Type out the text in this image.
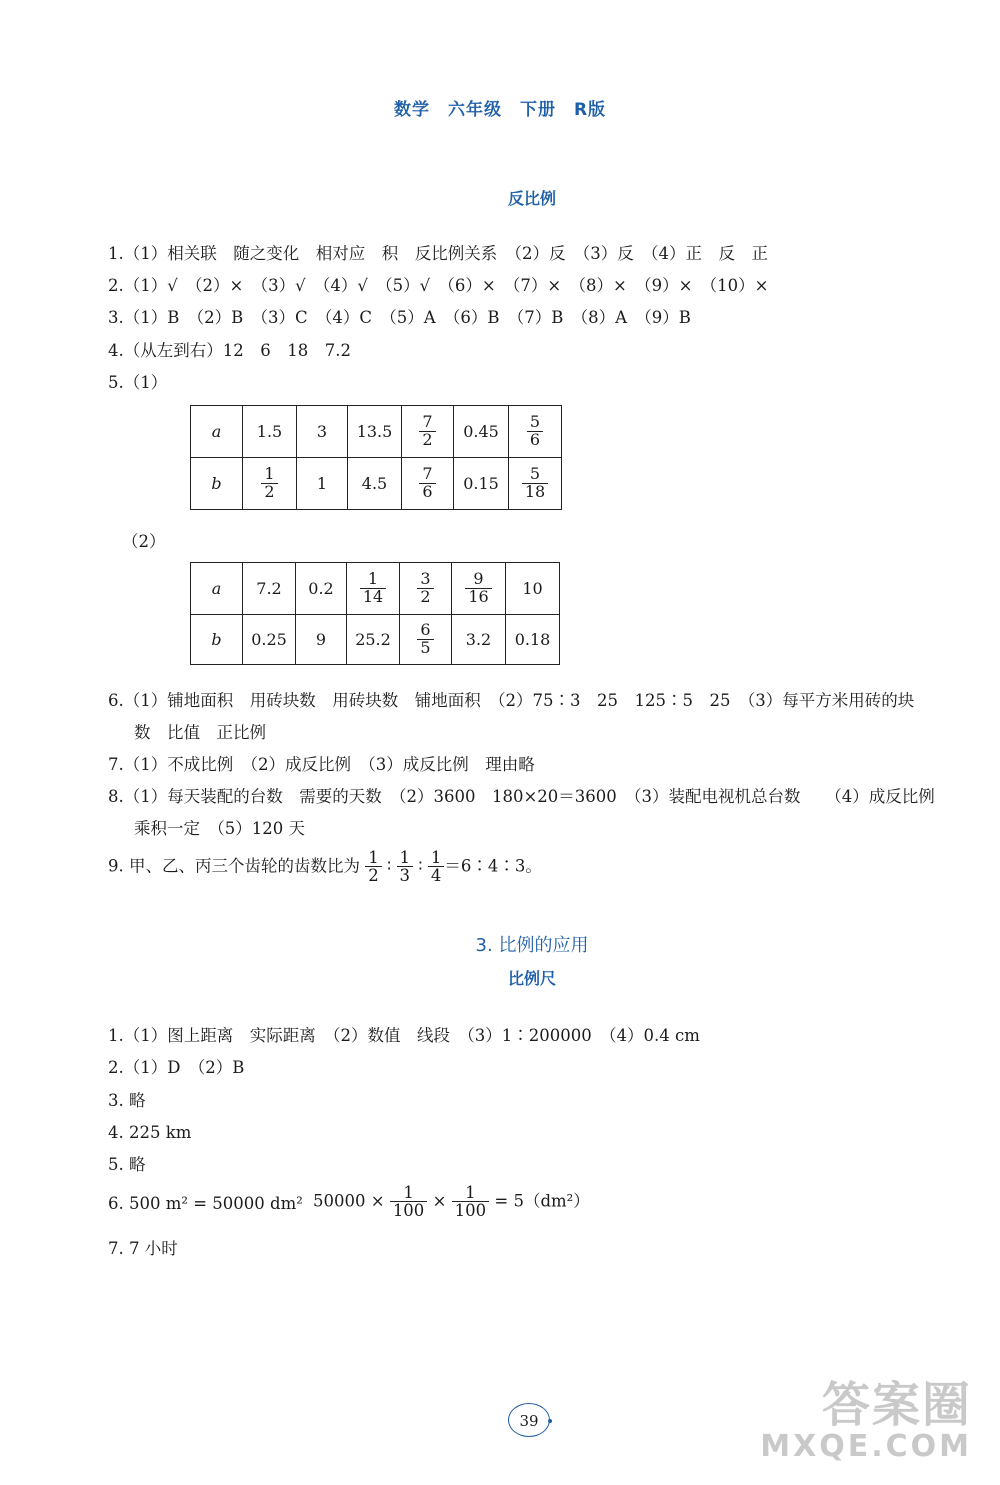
数学　六年级　下册　R版
反比例
1.（1）相关联　随之变化　相对应　积　反比例关系　（2）反　（3）反　（4）正　反　正
2.（1）√　（2）×　（3）√　（4）√　（5）√　（6）×　（7）×　（8）×　（9）×　（10）×
3.（1）B　（2）B　（3）C　（4）C　（5）A　（6）B　（7）B　（8）A　（9）B
4.（从左到右）12　6　18　7.2
5.（1）
a	1.5	3	13.5	$\frac{7}{2}$	0.45	$\frac{5}{6}$

b	$\frac{1}{2}$	1	4.5	$\frac{7}{6}$	0.15	$\frac{5}{18}$
（2）
a	7.2	0.2	$\frac{1}{14}$	$\frac{3}{2}$	$\frac{9}{16}$	10
b	0.25	9	25.2	$\frac{6}{5}$	3.2	0.18
6.（1）铺地面积　用砖块数　用砖块数　铺地面积　（2）75∶3　25　125∶5　25　（3）每平方米用砖的块
数　比值　正比例
7.（1）不成比例　（2）成反比例　（3）成反比例　理由略
8.（1）每天装配的台数　需要的天数　（2）3600　180×20＝3600　（3）装配电视机总台数　　（4）成反比例
乘积一定　（5）120 天
9. 甲、乙、丙三个齿轮的齿数比为 $\frac{1}{2}$ ∶ $\frac{1}{3}$ ∶ $\frac{1}{4}$ ＝6∶4∶3。
3. 比例的应用
比例尺
1.（1）图上距离　实际距离　（2）数值　线段　（3）1∶200000　（4）0.4 cm
2.（1）D　（2）B
3. 略
4. 225 km
5. 略
6. 500 m² = 50000 dm² $50000 \times \frac{1}{100} \times \frac{1}{100} = 5(dm^2)$
7. 7 小时
39	答案圈
MXQE.COM
